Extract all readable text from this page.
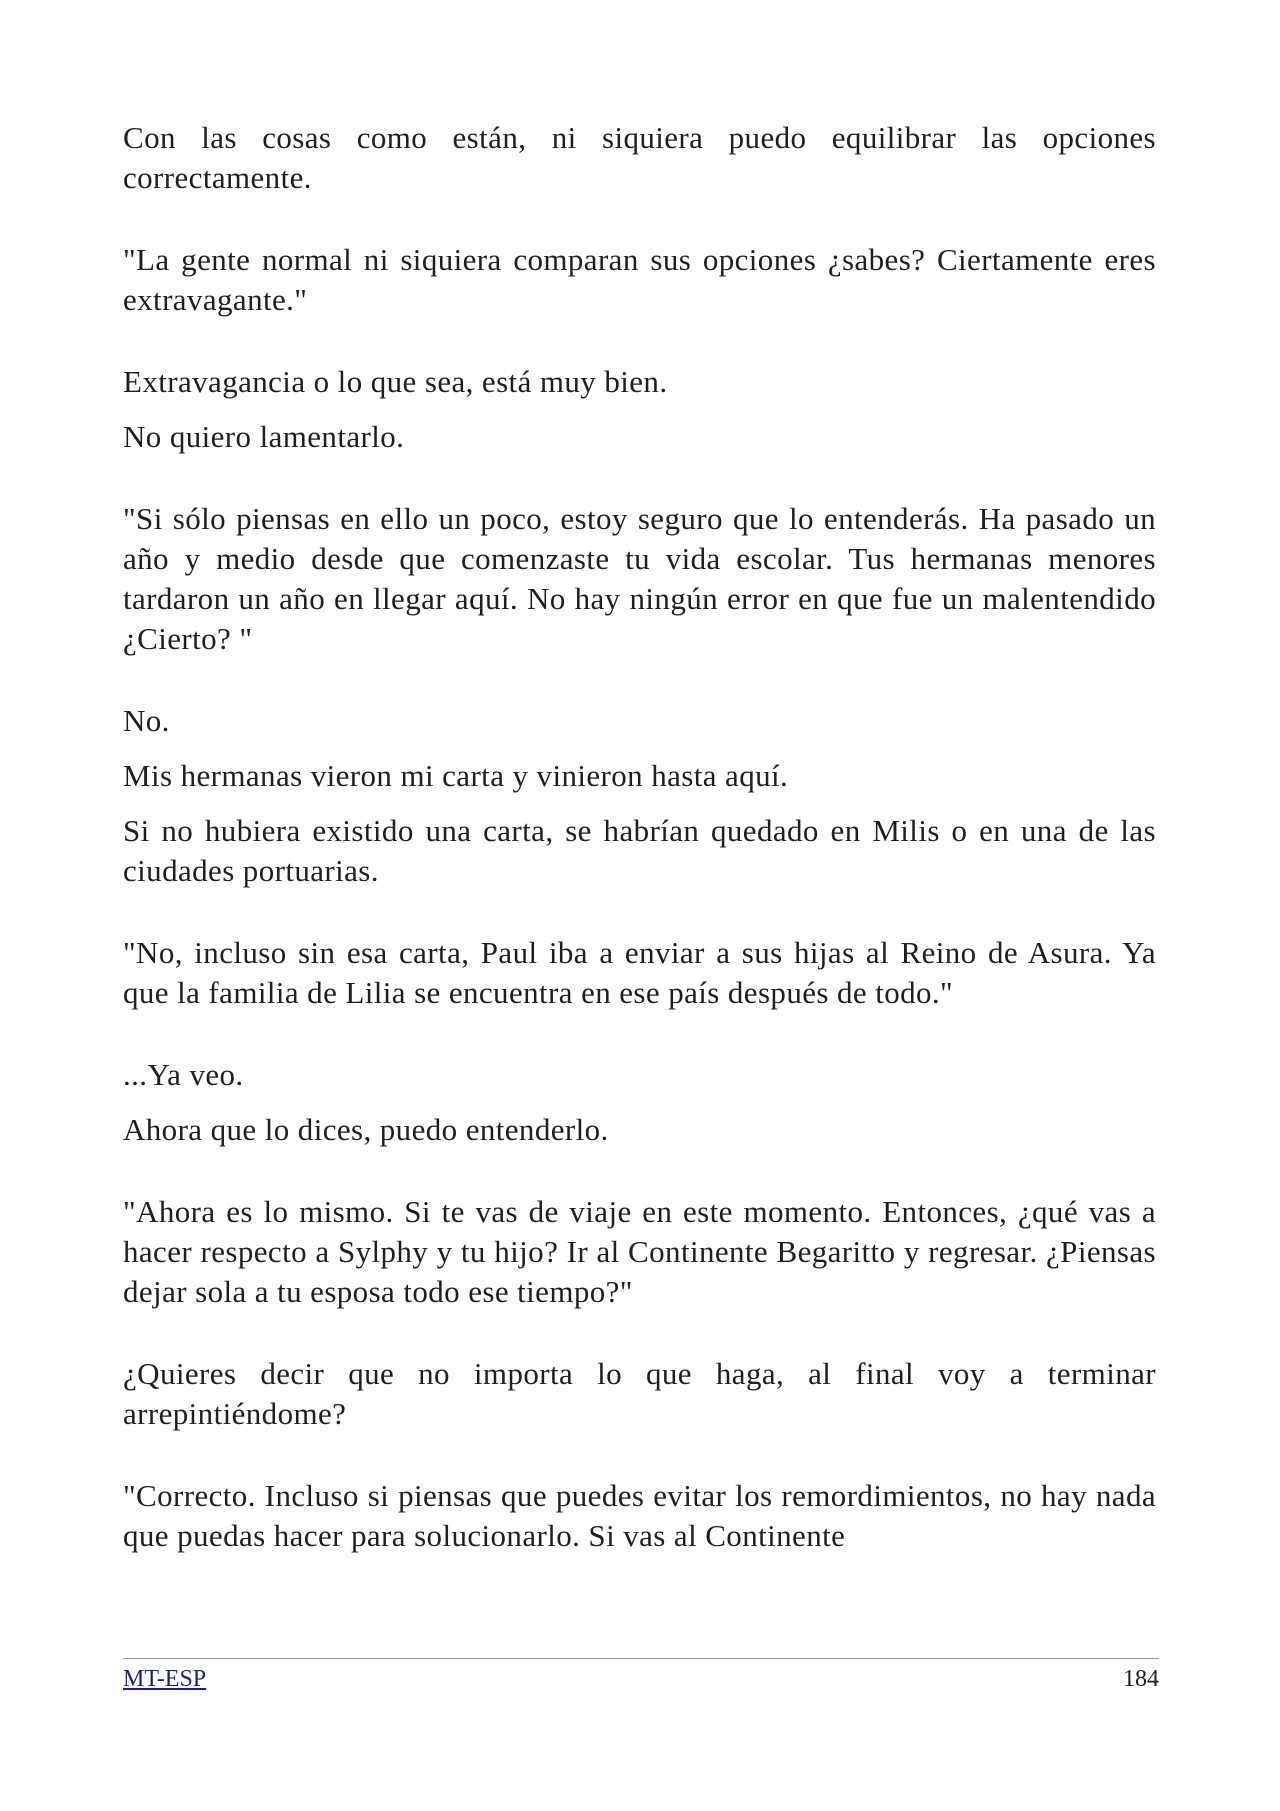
Con las cosas como están, ni siquiera puedo equilibrar las opciones correctamente.

"La gente normal ni siquiera comparan sus opciones ¿sabes? Ciertamente eres extravagante."

Extravagancia o lo que sea, está muy bien.

No quiero lamentarlo.

"Si sólo piensas en ello un poco, estoy seguro que lo entenderás. Ha pasado un año y medio desde que comenzaste tu vida escolar. Tus hermanas menores tardaron un año en llegar aquí. No hay ningún error en que fue un malentendido ¿Cierto? "

No.

Mis hermanas vieron mi carta y vinieron hasta aquí.

Si no hubiera existido una carta, se habrían quedado en Milis o en una de las ciudades portuarias.

"No, incluso sin esa carta, Paul iba a enviar a sus hijas al Reino de Asura. Ya que la familia de Lilia se encuentra en ese país después de todo."

...Ya veo.

Ahora que lo dices, puedo entenderlo.

"Ahora es lo mismo. Si te vas de viaje en este momento. Entonces, ¿qué vas a hacer respecto a Sylphy y tu hijo? Ir al Continente Begaritto y regresar. ¿Piensas dejar sola a tu esposa todo ese tiempo?"

¿Quieres decir que no importa lo que haga, al final voy a terminar arrepintiéndome?

"Correcto. Incluso si piensas que puedes evitar los remordimientos, no hay nada que puedas hacer para solucionarlo. Si vas al Continente

MT-ESP	184
